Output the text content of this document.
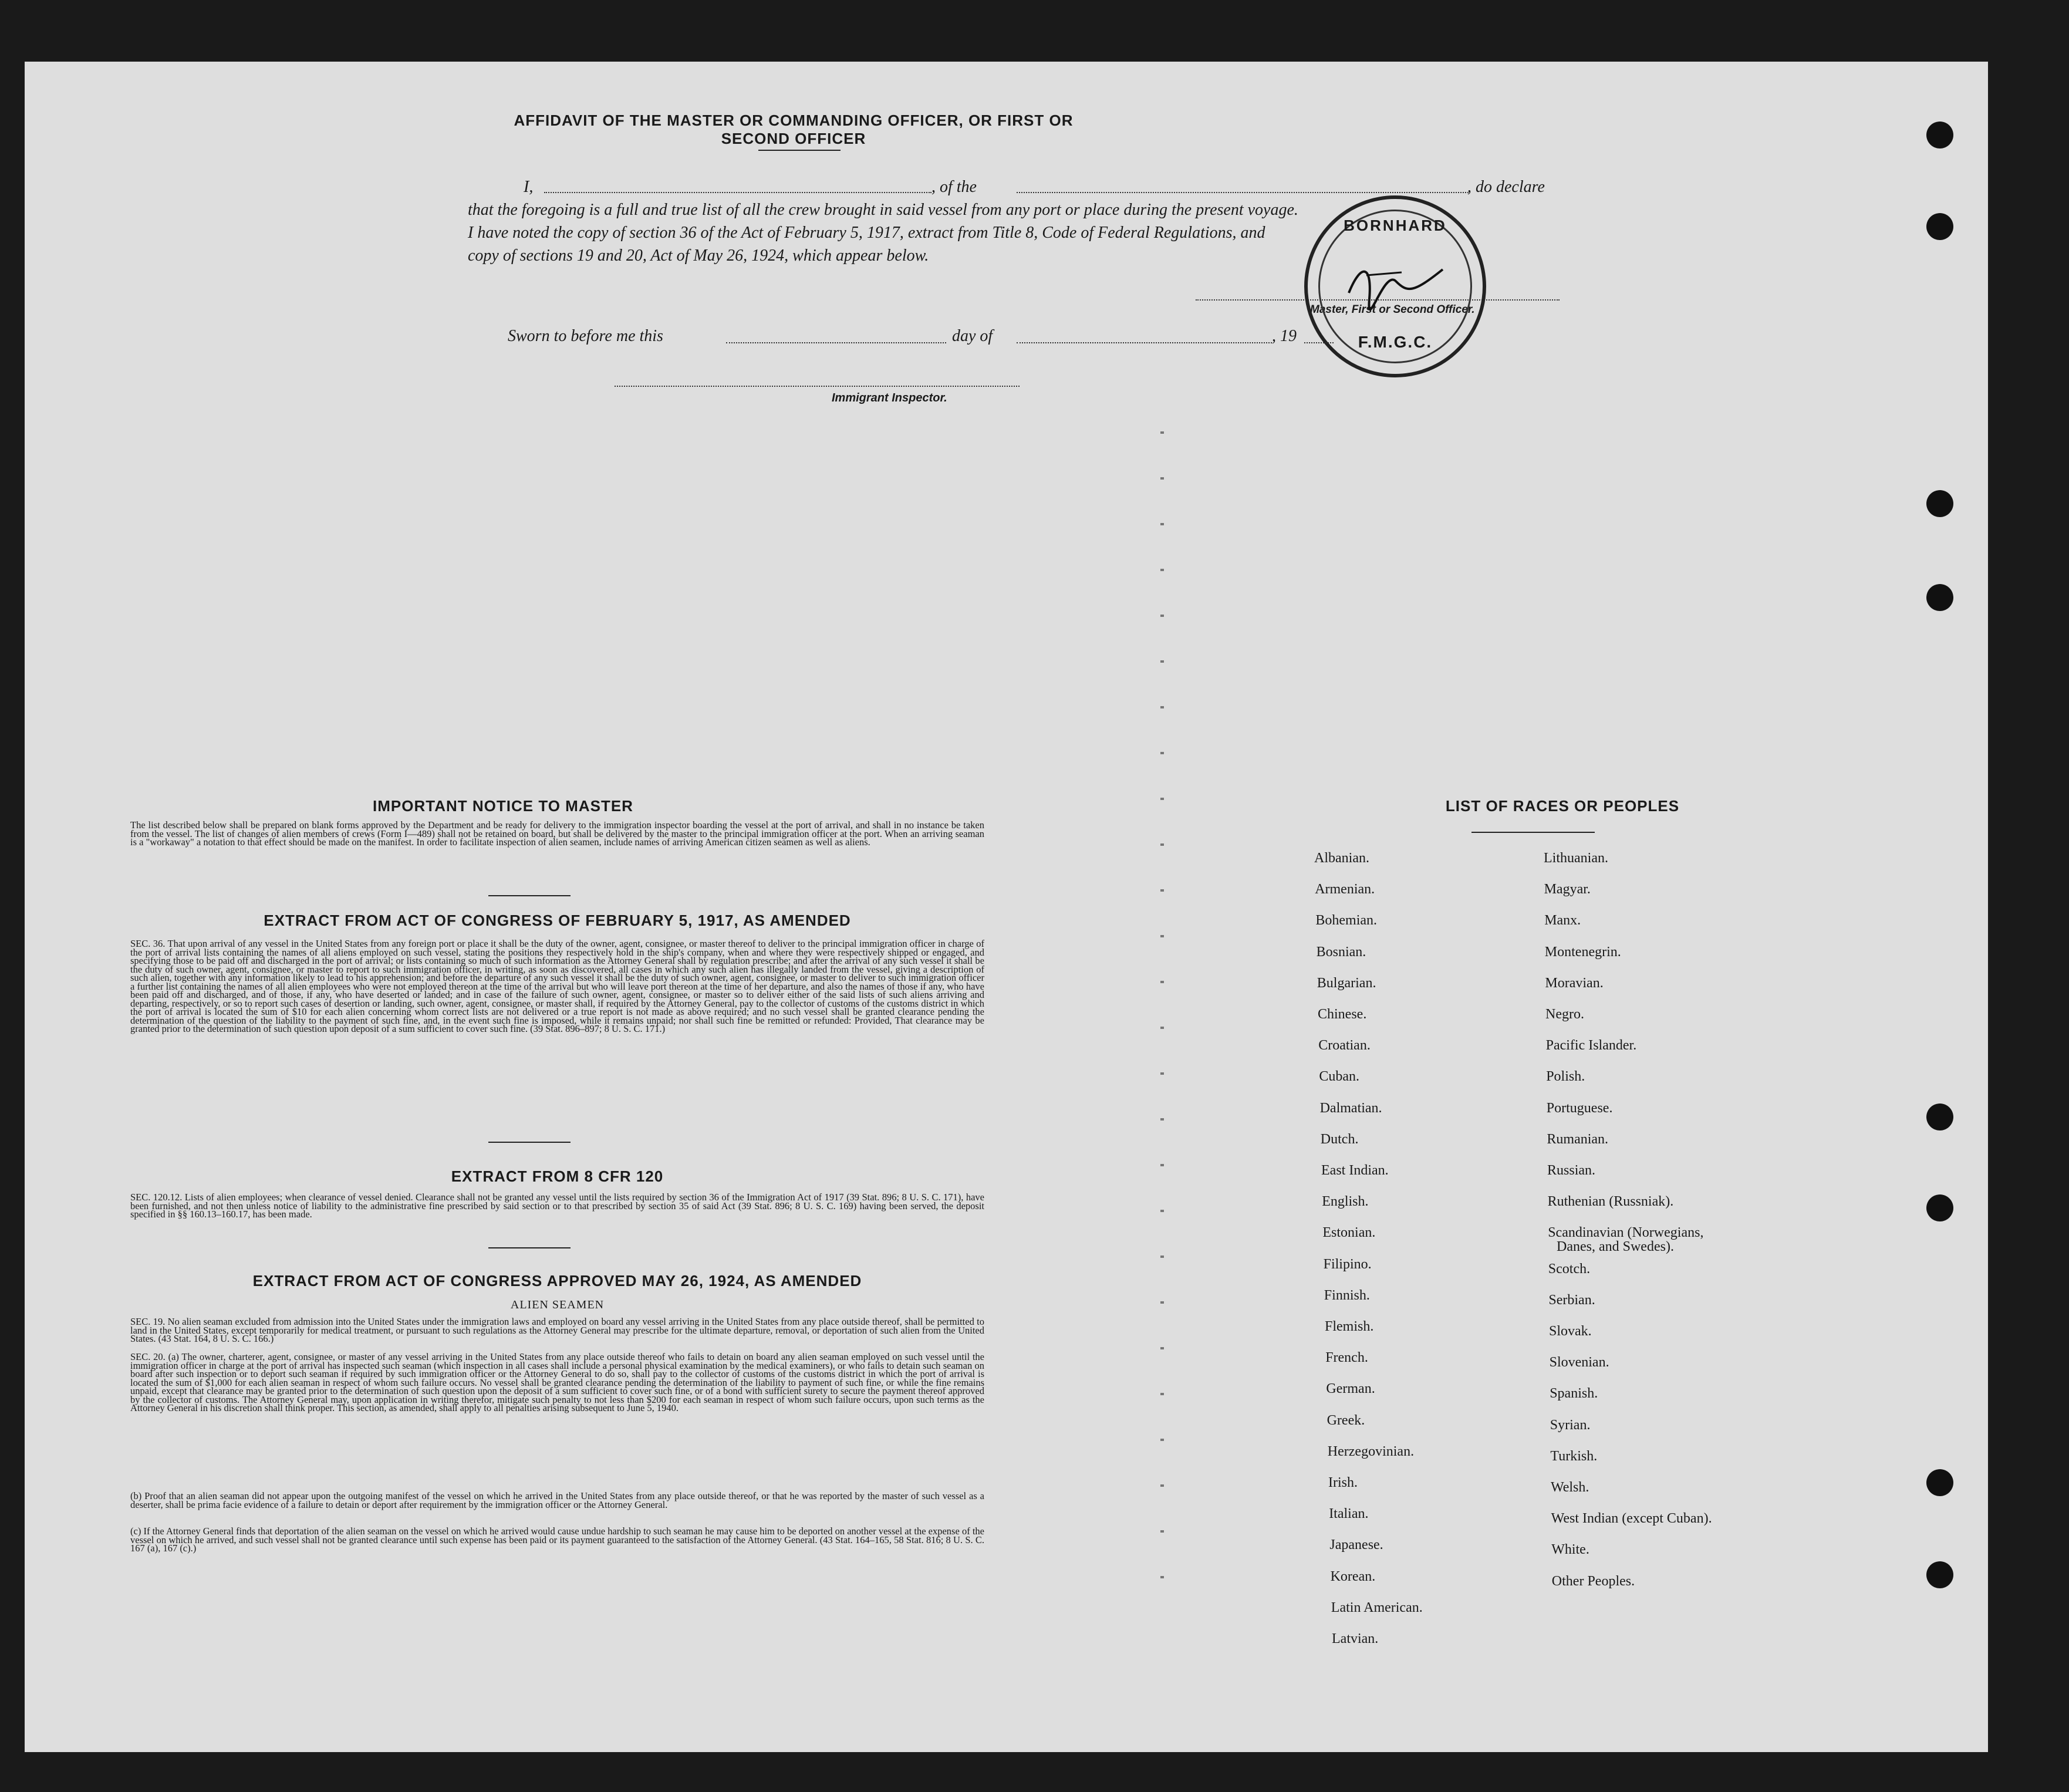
AFFIDAVIT OF THE MASTER OR COMMANDING OFFICER, OR FIRST OR SECOND OFFICER
I,	, of the	, do declare
that the foregoing is a full and true list of all the crew brought in said vessel from any port or place during the present voyage.
I have noted the copy of section 36 of the Act of February 5, 1917, extract from Title 8, Code of Federal Regulations, and
copy of sections 19 and 20, Act of May 26, 1924, which appear below.
Master, First or Second Officer.
BORNHARD
F.M.G.C.
Sworn to before me this	day of	, 19
Immigrant Inspector.
IMPORTANT NOTICE TO MASTER
The list described below shall be prepared on blank forms approved by the Department and be ready for delivery to the immigration inspector boarding the vessel at the port of arrival, and shall in no instance be taken from the vessel. The list of changes of alien members of crews (Form I—489) shall not be retained on board, but shall be delivered by the master to the principal immigration officer at the port. When an arriving seaman is a "workaway" a notation to that effect should be made on the manifest. In order to facilitate inspection of alien seamen, include names of arriving American citizen seamen as well as aliens.
EXTRACT FROM ACT OF CONGRESS OF FEBRUARY 5, 1917, AS AMENDED
SEC. 36. That upon arrival of any vessel in the United States from any foreign port or place it shall be the duty of the owner, agent, consignee, or master thereof to deliver to the principal immigration officer in charge of the port of arrival lists containing the names of all aliens employed on such vessel, stating the positions they respectively hold in the ship's company, when and where they were respectively shipped or engaged, and specifying those to be paid off and discharged in the port of arrival; or lists containing so much of such information as the Attorney General shall by regulation prescribe; and after the arrival of any such vessel it shall be the duty of such owner, agent, consignee, or master to report to such immigration officer, in writing, as soon as discovered, all cases in which any such alien has illegally landed from the vessel, giving a description of such alien, together with any information likely to lead to his apprehension; and before the departure of any such vessel it shall be the duty of such owner, agent, consignee, or master to deliver to such immigration officer a further list containing the names of all alien employees who were not employed thereon at the time of the arrival but who will leave port thereon at the time of her departure, and also the names of those if any, who have been paid off and discharged, and of those, if any, who have deserted or landed; and in case of the failure of such owner, agent, consignee, or master so to deliver either of the said lists of such aliens arriving and departing, respectively, or so to report such cases of desertion or landing, such owner, agent, consignee, or master shall, if required by the Attorney General, pay to the collector of customs of the customs district in which the port of arrival is located the sum of $10 for each alien concerning whom correct lists are not delivered or a true report is not made as above required; and no such vessel shall be granted clearance pending the determination of the question of the liability to the payment of such fine, and, in the event such fine is imposed, while it remains unpaid; nor shall such fine be remitted or refunded: Provided, That clearance may be granted prior to the determination of such question upon deposit of a sum sufficient to cover such fine. (39 Stat. 896–897; 8 U. S. C. 171.)
EXTRACT FROM 8 CFR 120
SEC. 120.12. Lists of alien employees; when clearance of vessel denied. Clearance shall not be granted any vessel until the lists required by section 36 of the Immigration Act of 1917 (39 Stat. 896; 8 U. S. C. 171), have been furnished, and not then unless notice of liability to the administrative fine prescribed by said section or to that prescribed by section 35 of said Act (39 Stat. 896; 8 U. S. C. 169) having been served, the deposit specified in §§ 160.13–160.17, has been made.
EXTRACT FROM ACT OF CONGRESS APPROVED MAY 26, 1924, AS AMENDED
ALIEN SEAMEN
SEC. 19. No alien seaman excluded from admission into the United States under the immigration laws and employed on board any vessel arriving in the United States from any place outside thereof, shall be permitted to land in the United States, except temporarily for medical treatment, or pursuant to such regulations as the Attorney General may prescribe for the ultimate departure, removal, or deportation of such alien from the United States. (43 Stat. 164, 8 U. S. C. 166.)
SEC. 20. (a) The owner, charterer, agent, consignee, or master of any vessel arriving in the United States from any place outside thereof who fails to detain on board any alien seaman employed on such vessel until the immigration officer in charge at the port of arrival has inspected such seaman (which inspection in all cases shall include a personal physical examination by the medical examiners), or who fails to detain such seaman on board after such inspection or to deport such seaman if required by such immigration officer or the Attorney General to do so, shall pay to the collector of customs of the customs district in which the port of arrival is located the sum of $1,000 for each alien seaman in respect of whom such failure occurs. No vessel shall be granted clearance pending the determination of the liability to payment of such fine, or while the fine remains unpaid, except that clearance may be granted prior to the determination of such question upon the deposit of a sum sufficient to cover such fine, or of a bond with sufficient surety to secure the payment thereof approved by the collector of customs. The Attorney General may, upon application in writing therefor, mitigate such penalty to not less than $200 for each seaman in respect of whom such failure occurs, upon such terms as the Attorney General in his discretion shall think proper. This section, as amended, shall apply to all penalties arising subsequent to June 5, 1940.
(b) Proof that an alien seaman did not appear upon the outgoing manifest of the vessel on which he arrived in the United States from any place outside thereof, or that he was reported by the master of such vessel as a deserter, shall be prima facie evidence of a failure to detain or deport after requirement by the immigration officer or the Attorney General.
(c) If the Attorney General finds that deportation of the alien seaman on the vessel on which he arrived would cause undue hardship to such seaman he may cause him to be deported on another vessel at the expense of the vessel on which he arrived, and such vessel shall not be granted clearance until such expense has been paid or its payment guaranteed to the satisfaction of the Attorney General. (43 Stat. 164–165, 58 Stat. 816; 8 U. S. C. 167 (a), 167 (c).)
LIST OF RACES OR PEOPLES
Albanian.
Armenian.
Bohemian.
Bosnian.
Bulgarian.
Chinese.
Croatian.
Cuban.
Dalmatian.
Dutch.
East Indian.
English.
Estonian.
Filipino.
Finnish.
Flemish.
French.
German.
Greek.
Herzegovinian.
Irish.
Italian.
Japanese.
Korean.
Latin American.
Latvian.
Lithuanian.
Magyar.
Manx.
Montenegrin.
Moravian.
Negro.
Pacific Islander.
Polish.
Portuguese.
Rumanian.
Russian.
Ruthenian (Russniak).
Scandinavian (Norwegians,
Danes, and Swedes).
Scotch.
Serbian.
Slovak.
Slovenian.
Spanish.
Syrian.
Turkish.
Welsh.
West Indian (except Cuban).
White.
Other Peoples.
